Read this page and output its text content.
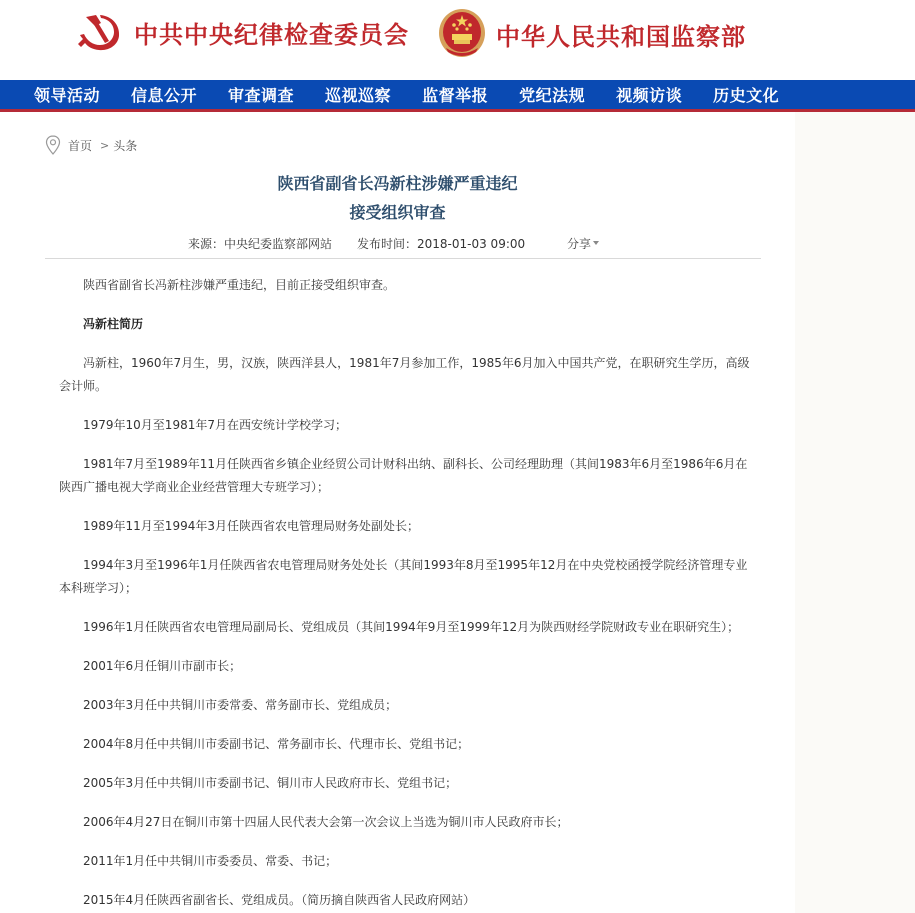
中共中央纪律检查委员会	中华人民共和国监察部
领导活动 信息公开 审查调查 巡视巡察 监督举报 党纪法规 视频访谈 历史文化
首页 > 头条
陕西省副省长冯新柱涉嫌严重违纪
接受组织审查
来源：中央纪委监察部网站 发布时间：2018-01-03 09:00	分享

陕西省副省长冯新柱涉嫌严重违纪，目前正接受组织审查。

冯新柱简历

冯新柱，1960年7月生，男，汉族，陕西洋县人，1981年7月参加工作，1985年6月加入中国共产党，在职研究生学历，高级会计师。

1979年10月至1981年7月在西安统计学校学习；

1981年7月至1989年11月任陕西省乡镇企业经贸公司计财科出纳、副科长、公司经理助理（其间1983年6月至1986年6月在陕西广播电视大学商业企业经营管理大专班学习）；

1989年11月至1994年3月任陕西省农电管理局财务处副处长；

1994年3月至1996年1月任陕西省农电管理局财务处处长（其间1993年8月至1995年12月在中央党校函授学院经济管理专业本科班学习）；

1996年1月任陕西省农电管理局副局长、党组成员（其间1994年9月至1999年12月为陕西财经学院财政专业在职研究生）；

2001年6月任铜川市副市长；

2003年3月任中共铜川市委常委、常务副市长、党组成员；

2004年8月任中共铜川市委副书记、常务副市长、代理市长、党组书记；

2005年3月任中共铜川市委副书记、铜川市人民政府市长、党组书记；

2006年4月27日在铜川市第十四届人民代表大会第一次会议上当选为铜川市人民政府市长；

2011年1月任中共铜川市委委员、常委、书记；

2015年4月任陕西省副省长、党组成员。（简历摘自陕西省人民政府网站）
